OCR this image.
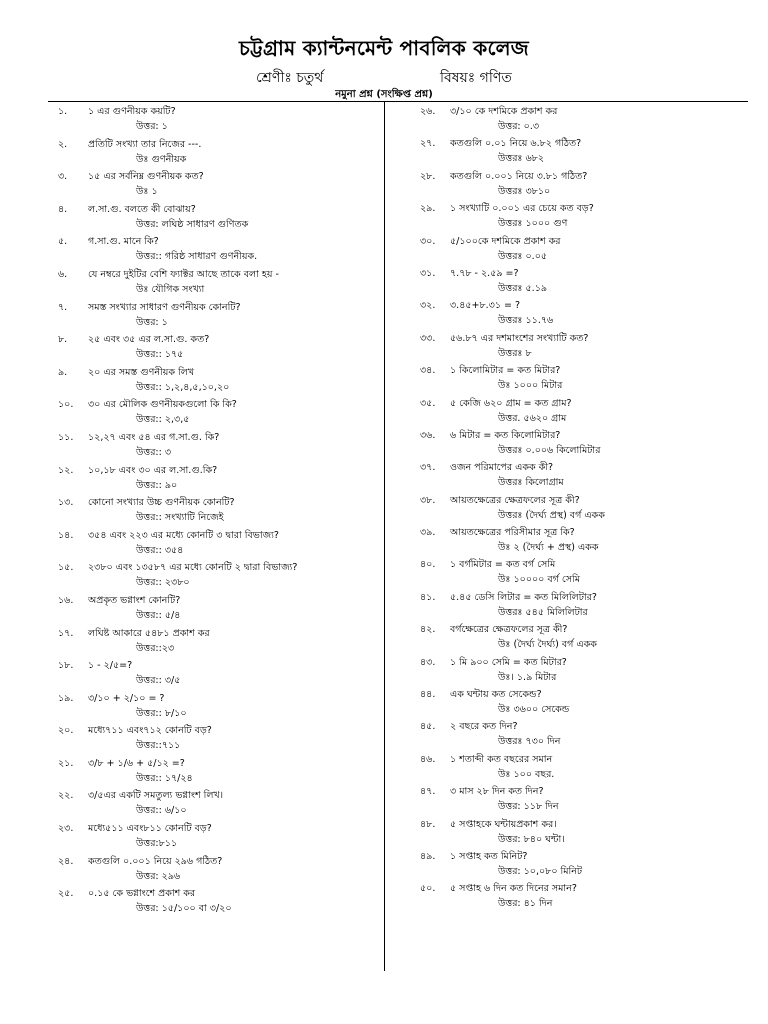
চট্টগ্রাম ক্যান্টনমেন্ট পাবলিক কলেজ
শ্রেণীঃ চতুর্থ	বিষয়ঃ গণিত
নমুনা প্রশ্ন (সংক্ষিপ্ত প্রশ্ন)
১.	১ এর গুণনীয়ক কয়টি?
উত্তর: ১
২.	প্রতিটি সংখ্যা তার নিজের ---.
উঃ গুণনীয়ক
৩.	১৫ এর সর্বনিম্ন গুণনীয়ক কত?
উঃ ১
৪.	ল.সা.গু. বলতে কী বোঝায়?
উত্তর: লঘিষ্ঠ সাধারণ গুণিতক
৫.	গ.সা.গু. মানে কি?
উত্তর:: গরিষ্ঠ সাধারণ গুণনীয়ক.
৬.	যে নম্বরে দুইটির বেশি ফ্যাক্টর আছে তাকে বলা হয় -
উঃ যৌগিক সংখ্যা
৭.	সমস্ত সংখ্যার সাধারণ গুণনীয়ক কোনটি?
উত্তর: ১
৮.	২৫ এবং ৩৫ এর ল.সা.গু. কত?
উত্তর:: ১৭৫
৯.	২০ এর সমস্ত গুণনীয়ক লিখ
উত্তর:: ১,২,৪,৫,১০,২০
১০.	৩০ এর মৌলিক গুণনীয়কগুলো কি কি?
উত্তর:: ২,৩,৫
১১.	১২,২৭ এবং ৫৪ এর গ.সা.গু. কি?
উত্তর:: ৩
১২.	১০,১৮ এবং ৩০ এর ল.সা.গু.কি?
উত্তর:: ৯০
১৩.	কোনো সংখ্যার উচ্চ গুণনীয়ক কোনটি?
উত্তর:: সংখ্যাটি নিজেই
১৪.	৩৫৪ এবং ২২৩ এর মধ্যে কোনটি ৩ দ্বারা বিভাজ্য?
উত্তর:: ৩৫৪
১৫.	২৩৮০ এবং ১৩৫৮৭ এর মধ্যে কোনটি ২ দ্বারা বিভাজ্য?
উত্তর:: ২৩৮০
১৬.	অপ্রকৃত ভগ্নাংশ কোনটি?
উত্তর:: ৫/৪
১৭.	লঘিষ্ট আকারে ৫৪৮১ প্রকাশ কর
উত্তর::২৩
১৮.	১ - ২/৫=?
উত্তর:: ৩/৫
১৯.	৩/১০ + ২/১০ = ?
উত্তর:: ৮/১০
২০.	মধ্যে৭১১ এবং৭১২ কোনটি বড়?
উত্তর::৭১১
২১.	৩/৮ + ১/৬ + ৫/১২ =?
উত্তর:: ১৭/২৪
২২.	৩/৫এর একটি সমতুল্য ভগ্নাংশ লিখ।
উত্তর:: ৬/১০
২৩.	মধ্যে৫১১ এবং৮১১ কোনটি বড়?
উত্তর:৮১১
২৪.	কতগুলি ০.০০১ নিয়ে ২৯৬ গঠিত?
উত্তর: ২৯৬
২৫.	০.১৫ কে ভগ্নাংশে প্রকাশ কর
উত্তর: ১৫/১০০ বা ৩/২০
২৬.	৩/১০ কে দশমিকে প্রকাশ কর
উত্তর: ০.৩
২৭.	কতগুলি ০.০১ নিয়ে ৬.৮২ গঠিত?
উত্তরঃ ৬৮২
২৮.	কতগুলি ০.০০১ নিয়ে ৩.৮১ গঠিত?
উত্তরঃ ৩৮১০
২৯.	১ সংখ্যাটি ০.০০১ এর চেয়ে কত বড়?
উত্তরঃ ১০০০ গুণ
৩০.	৫/১০০কে দশমিকে প্রকাশ কর
উত্তরঃ ০.০৫
৩১.	৭.৭৮ - ২.৫৯ =?
উত্তরঃ ৫.১৯
৩২.	৩.৪৫+৮.৩১ = ?
উত্তরঃ ১১.৭৬
৩৩.	৫৬.৮৭ এর দশমাংশের সংখ্যাটি কত?
উত্তরঃ ৮
৩৪.	১ কিলোমিটার = কত মিটার?
উঃ ১০০০ মিটার
৩৫.	৫ কেজি ৬২০ গ্রাম = কত গ্রাম?
উত্তর. ৫৬২০ গ্রাম
৩৬.	৬ মিটার = কত কিলোমিটার?
উত্তরঃ ০.০০৬ কিলোমিটার
৩৭.	ওজন পরিমাপের একক কী?
উত্তরঃ কিলোগ্রাম
৩৮.	আয়তক্ষেত্রের ক্ষেত্রফলের সূত্র কী?
উত্তরঃ (দৈর্ঘ্য প্রস্থ) বর্গ একক
৩৯.	আয়তক্ষেত্রের পরিসীমার সূত্র কি?
উঃ ২ (দৈর্ঘ্য + প্রস্থ) একক
৪০.	১ বর্গমিটার = কত বর্গ সেমি
উঃ ১০০০০ বর্গ সেমি
৪১.	৫.৪৫ ডেসি লিটার = কত মিলিলিটার?
উত্তরঃ ৫৪৫ মিলিলিটার
৪২.	বর্গক্ষেত্রের ক্ষেত্রফলের সূত্র কী?
উঃ (দৈর্ঘ্য দৈর্ঘ্য) বর্গ একক
৪৩.	১ মি ৯০০ সেমি = কত মিটার?
উঃ। ১.৯ মিটার
৪৪.	এক ঘন্টায় কত সেকেন্ড?
উঃ ৩৬০০ সেকেন্ড
৪৫.	২ বছরে কত দিন?
উত্তরঃ ৭৩০ দিন
৪৬.	১ শতাব্দী কত বছরের সমান
উঃ ১০০ বছর.
৪৭.	৩ মাস ২৮ দিন কত দিন?
উত্তর: ১১৮ দিন
৪৮.	৫ সপ্তাহকে ঘন্টায়প্রকাশ কর।
উত্তর: ৮৪০ ঘন্টা।
৪৯.	১ সপ্তাহ কত মিনিট?
উত্তর: ১০,০৮০ মিনিট
৫০.	৫ সপ্তাহ ৬ দিন কত দিনের সমান?
উত্তর: ৪১ দিন
